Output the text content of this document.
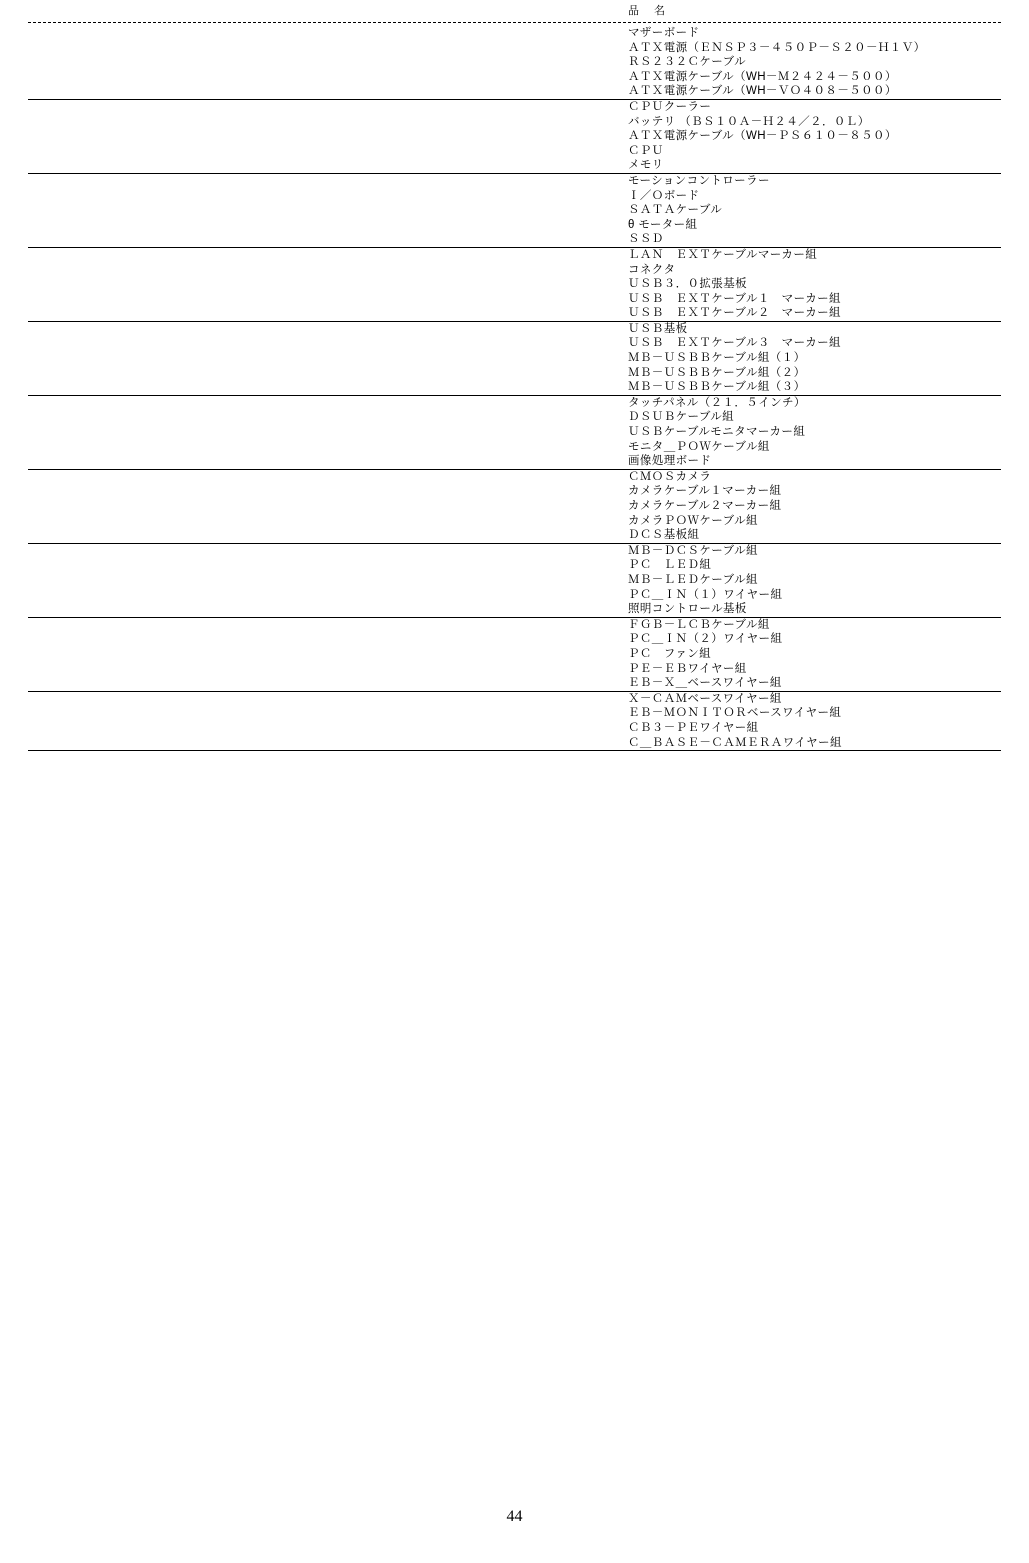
品　名
マザーボード
ＡＴＸ電源（ＥＮＳＰ３－４５０Ｐ－Ｓ２０－Ｈ１Ｖ）
ＲＳ２３２Ｃケーブル
ＡＴＸ電源ケーブル（WH－Ｍ２４２４－５００）
ＡＴＸ電源ケーブル（WH－ＶＯ４０８－５００）
ＣＰＵクーラー
バッテリ （ＢＳ１０Ａ－Ｈ２４／２．０Ｌ）
ＡＴＸ電源ケーブル（WH－ＰＳ６１０－８５０）
ＣＰＵ
メモリ
モーションコントローラー
Ｉ／Ｏボード
ＳＡＴＡケーブル
θ モーター組
ＳＳＤ
ＬＡＮ　ＥＸＴケーブルマーカー組
コネクタ
ＵＳＢ３．０拡張基板
ＵＳＢ　ＥＸＴケーブル１　マーカー組
ＵＳＢ　ＥＸＴケーブル２　マーカー組
ＵＳＢ基板
ＵＳＢ　ＥＸＴケーブル３　マーカー組
ＭＢ－ＵＳＢＢケーブル組（１）
ＭＢ－ＵＳＢＢケーブル組（２）
ＭＢ－ＵＳＢＢケーブル組（３）
タッチパネル（２１．５インチ）
ＤＳＵＢケーブル組
ＵＳＢケーブルモニタマーカー組
モニタ＿ＰＯＷケーブル組
画像処理ボード
ＣＭＯＳカメラ
カメラケーブル１マーカー組
カメラケーブル２マーカー組
カメラＰＯＷケーブル組
ＤＣＳ基板組
ＭＢ－ＤＣＳケーブル組
ＰＣ　ＬＥＤ組
ＭＢ－ＬＥＤケーブル組
ＰＣ＿ＩＮ（１）ワイヤー組
照明コントロール基板
ＦＧＢ－ＬＣＢケーブル組
ＰＣ＿ＩＮ（２）ワイヤー組
ＰＣ　ファン組
ＰＥ－ＥＢワイヤー組
ＥＢ－Ｘ＿ベースワイヤー組
Ｘ－ＣＡＭベースワイヤー組
ＥＢ－ＭＯＮＩＴＯＲベースワイヤー組
ＣＢ３－ＰＥワイヤー組
Ｃ＿ＢＡＳＥ－ＣＡＭＥＲＡワイヤー組
44
